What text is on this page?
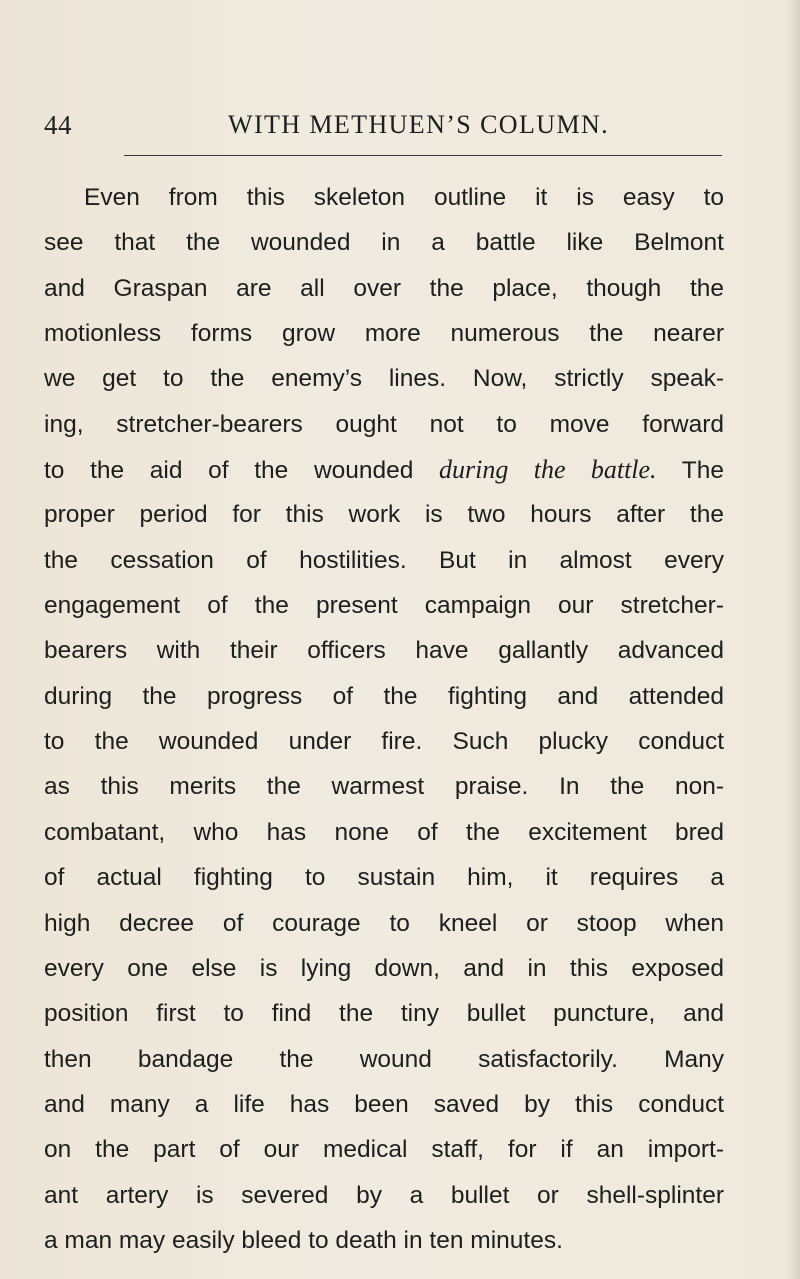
44	WITH METHUEN’S COLUMN.
Even from this skeleton outline it is easy to
see that the wounded in a battle like Belmont
and Graspan are all over the place, though the
motionless forms grow more numerous the nearer
we get to the enemy’s lines. Now, strictly speak-
ing, stretcher-bearers ought not to move forward
to the aid of the wounded during the battle. The
proper period for this work is two hours after the
the cessation of hostilities. But in almost every
engagement of the present campaign our stretcher-
bearers with their officers have gallantly advanced
during the progress of the fighting and attended
to the wounded under fire. Such plucky conduct
as this merits the warmest praise. In the non-
combatant, who has none of the excitement bred
of actual fighting to sustain him, it requires a
high decree of courage to kneel or stoop when
every one else is lying down, and in this exposed
position first to find the tiny bullet puncture, and
then bandage the wound satisfactorily. Many
and many a life has been saved by this conduct
on the part of our medical staff, for if an import-
ant artery is severed by a bullet or shell-splinter
a man may easily bleed to death in ten minutes.
